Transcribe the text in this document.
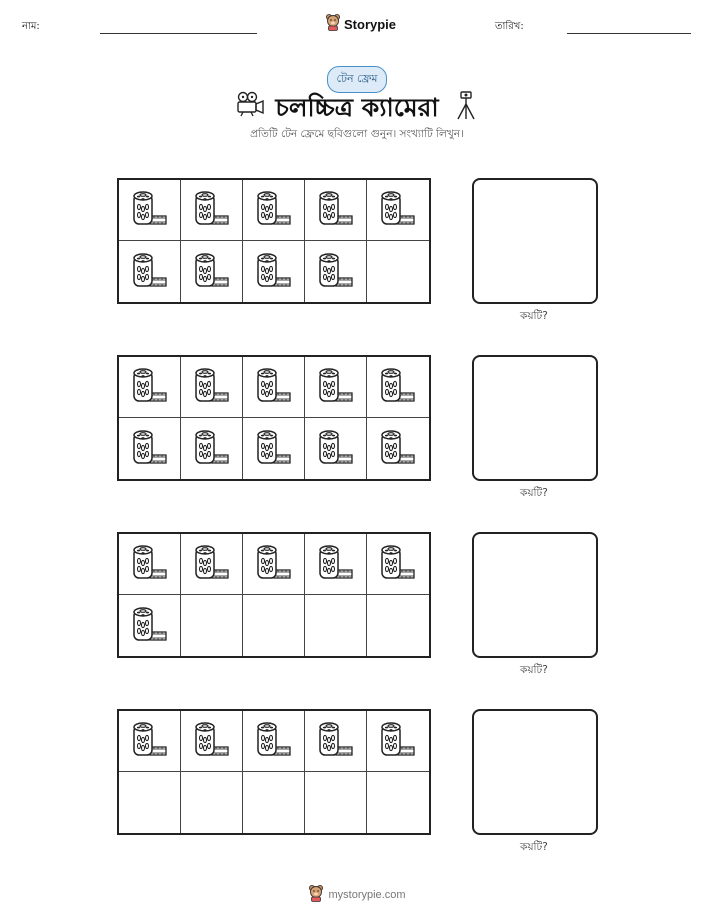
নাম:	Storypie	তারিখ:
টেন ফ্রেম
চলচ্চিত্র ক্যামেরা
প্রতিটি টেন ফ্রেমে ছবিগুলো গুনুন। সংখ্যাটি লিখুন।
কয়টি?
কয়টি?
কয়টি?
কয়টি?
mystorypie.com
